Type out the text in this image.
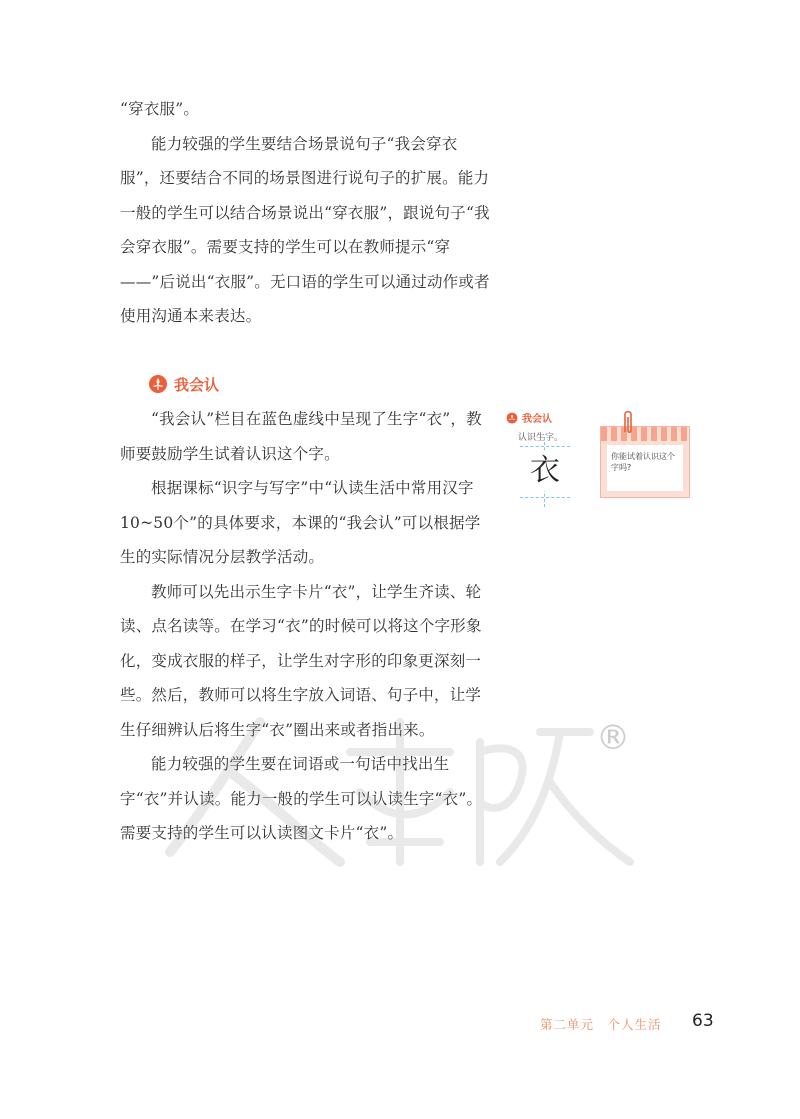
“穿衣服”。

能力较强的学生要结合场景说句子“我会穿衣服”，还要结合不同的场景图进行说句子的扩展。能力一般的学生可以结合场景说出“穿衣服”，跟说句子“我会穿衣服”。需要支持的学生可以在教师提示“穿——”后说出“衣服”。无口语的学生可以通过动作或者使用沟通本来表达。

我会认

“我会认”栏目在蓝色虚线中呈现了生字“衣”，教师要鼓励学生试着认识这个字。

根据课标“识字与写字”中“认读生活中常用汉字10~50个”的具体要求，本课的“我会认”可以根据学生的实际情况分层教学活动。

教师可以先出示生字卡片“衣”，让学生齐读、轮读、点名读等。在学习“衣”的时候可以将这个字形象化，变成衣服的样子，让学生对字形的印象更深刻一些。然后，教师可以将生字放入词语、句子中，让学生仔细辨认后将生字“衣”圈出来或者指出来。

能力较强的学生要在词语或一句话中找出生字“衣”并认读。能力一般的学生可以认读生字“衣”。需要支持的学生可以认读图文卡片“衣”。

我会认
认识生字。
衣	你能试着认识这个字吗?
®
第二单元　个人生活 63
